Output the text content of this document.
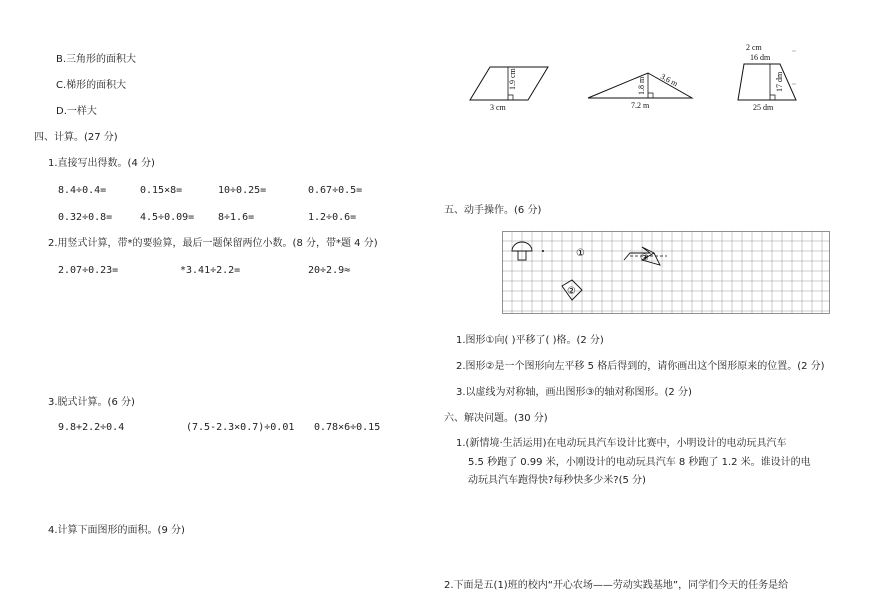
B.三角形的面积大
C.梯形的面积大
D.一样大
四、计算。(27 分)
1.直接写出得数。(4 分)
8.4÷0.4=	0.15×8=	10÷0.25=	0.67÷0.5=
0.32÷0.8=	4.5÷0.09= 8÷1.6=	1.2÷0.6=
2.用竖式计算，带*的要验算，最后一题保留两位小数。(8 分，带*题 4 分)
2.07÷0.23=	*3.41÷2.2=	20÷2.9≈
3.脱式计算。(6 分)
9.8+2.2÷0.4	(7.5-2.3×0.7)÷0.01 0.78×6÷0.15
4.计算下面图形的面积。(9 分)
1.9 cm
3 cm
3.6 m
1.8 m
7.2 m
2 cm
16 dm
17 dm
25 dm
五、动手操作。(6 分)
①
②
③
1.图形①向( )平移了( )格。(2 分)
2.图形②是一个图形向左平移 5 格后得到的，请你画出这个图形原来的位置。(2 分)
3.以虚线为对称轴，画出图形③的轴对称图形。(2 分)
六、解决问题。(30 分)
1.(新情境·生活运用)在电动玩具汽车设计比赛中，小明设计的电动玩具汽车
5.5 秒跑了 0.99 米，小刚设计的电动玩具汽车 8 秒跑了 1.2 米。谁设计的电
动玩具汽车跑得快?每秒快多少米?(5 分)
2.下面是五(1)班的校内“开心农场——劳动实践基地”，同学们今天的任务是给
